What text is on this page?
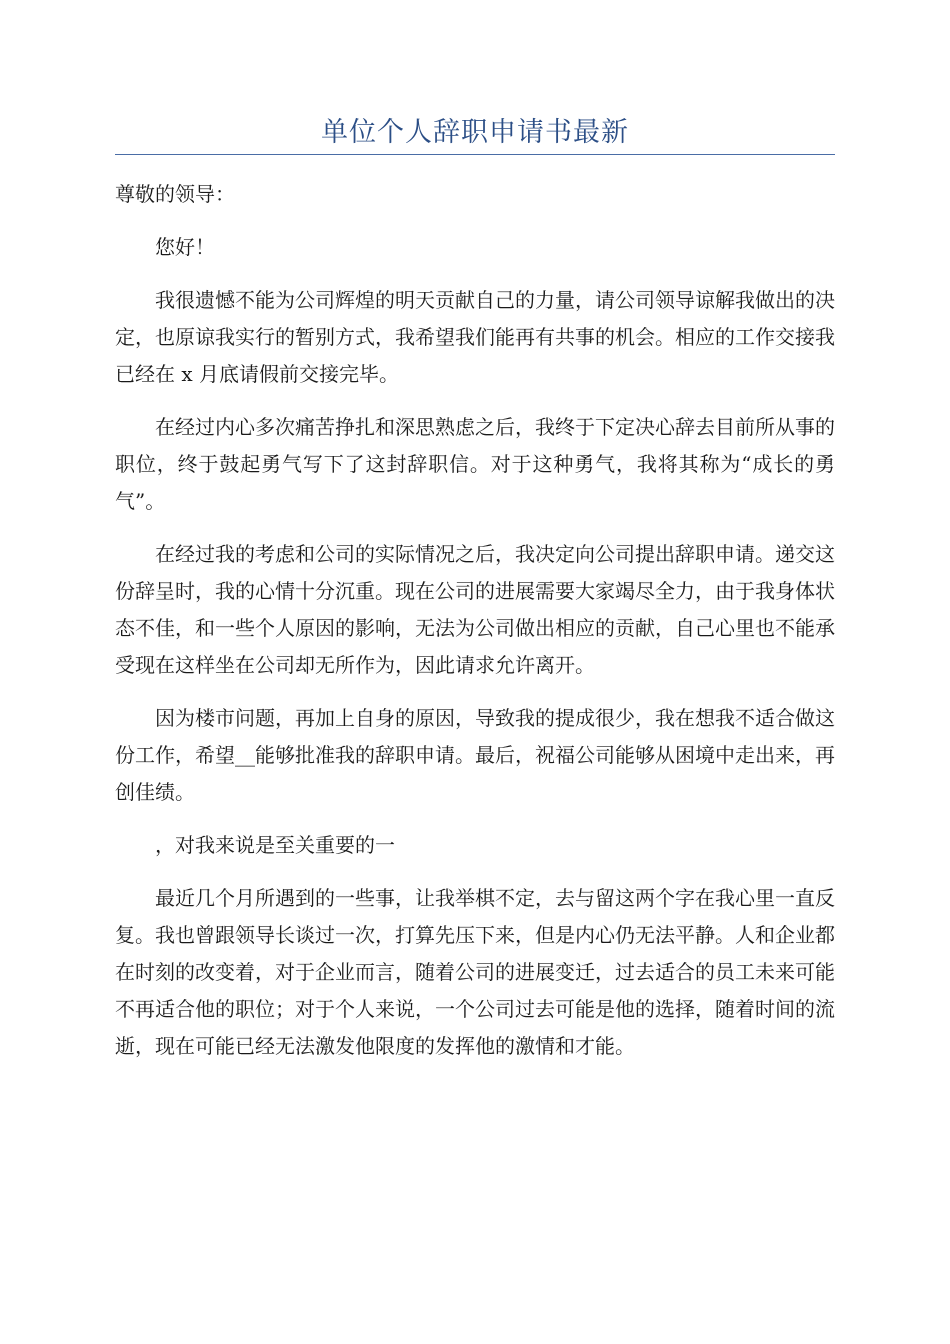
单位个人辞职申请书最新

尊敬的领导：

您好！

我很遗憾不能为公司辉煌的明天贡献自己的力量，请公司领导谅解我做出的决定，也原谅我实行的暂别方式，我希望我们能再有共事的机会。相应的工作交接我已经在 x 月底请假前交接完毕。

在经过内心多次痛苦挣扎和深思熟虑之后，我终于下定决心辞去目前所从事的职位，终于鼓起勇气写下了这封辞职信。对于这种勇气，我将其称为“成长的勇气”。

在经过我的考虑和公司的实际情况之后，我决定向公司提出辞职申请。递交这份辞呈时，我的心情十分沉重。现在公司的进展需要大家竭尽全力，由于我身体状态不佳，和一些个人原因的影响，无法为公司做出相应的贡献，自己心里也不能承受现在这样坐在公司却无所作为，因此请求允许离开。

因为楼市问题，再加上自身的原因，导致我的提成很少，我在想我不适合做这份工作，希望__能够批准我的辞职申请。最后，祝福公司能够从困境中走出来，再创佳绩。

，对我来说是至关重要的一

最近几个月所遇到的一些事，让我举棋不定，去与留这两个字在我心里一直反复。我也曾跟领导长谈过一次，打算先压下来，但是内心仍无法平静。人和企业都在时刻的改变着，对于企业而言，随着公司的进展变迁，过去适合的员工未来可能不再适合他的职位；对于个人来说，一个公司过去可能是他的选择，随着时间的流逝，现在可能已经无法激发他限度的发挥他的激情和才能。
